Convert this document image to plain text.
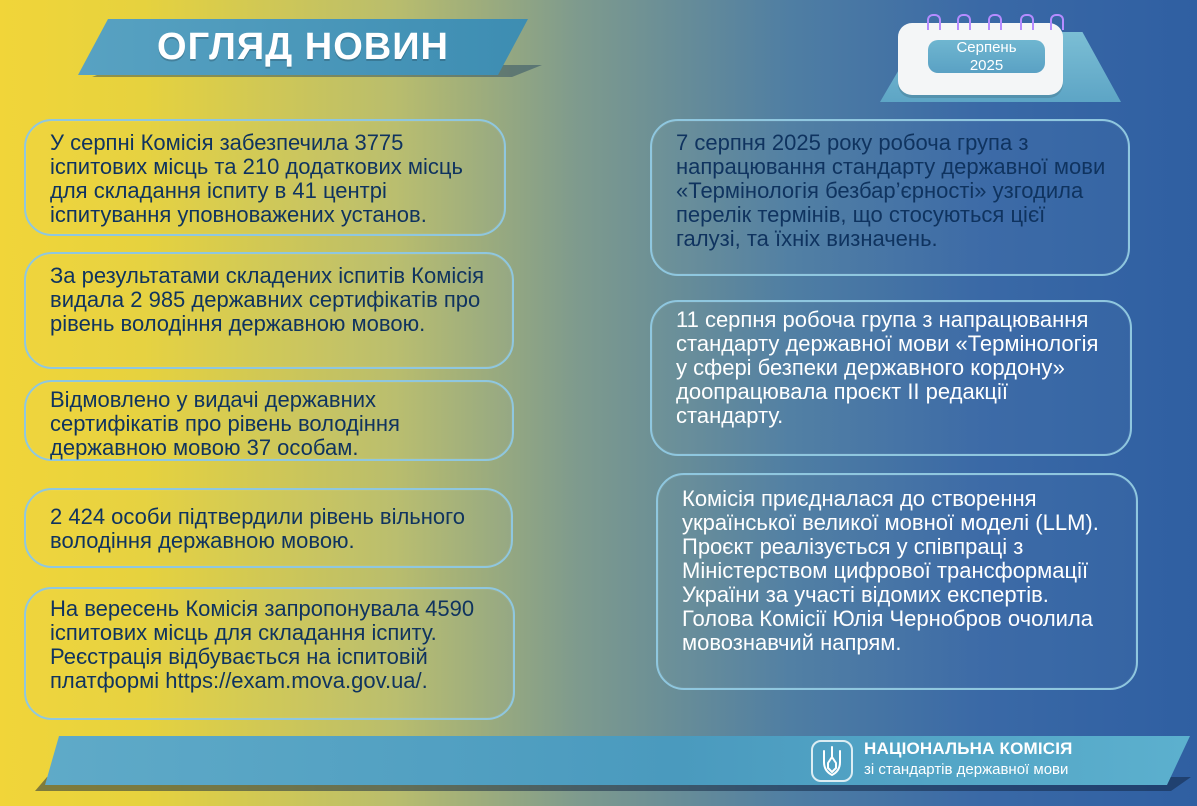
ОГЛЯД НОВИН	Серпень
2025

У серпні Комісія забезпечила 3775 іспитових місць та 210 додаткових місць для складання іспиту в 41 центрі іспитування уповноважених установ.

За результатами складених іспитів Комісія видала 2 985 державних сертифікатів про рівень володіння державною мовою.

Відмовлено у видачі державних сертифікатів про рівень володіння державною мовою 37 особам.

2 424 особи підтвердили рівень вільного володіння державною мовою.

На вересень Комісія запропонувала 4590 іспитових місць для складання іспиту. Реєстрація відбувається на іспитовій платформі https://exam.mova.gov.ua/.

7 серпня 2025 року робоча група з напрацювання стандарту державної мови «Термінологія безбар’єрності» узгодила перелік термінів, що стосуються цієї галузі, та їхніх визначень.

11 серпня робоча група з напрацювання стандарту державної мови «Термінологія у сфері безпеки державного кордону» доопрацювала проєкт II редакції стандарту.

Комісія приєдналася до створення української великої мовної моделі (LLM). Проєкт реалізується у співпраці з Міністерством цифрової трансформації України за участі відомих експертів. Голова Комісії Юлія Чернобров очолила мовознавчий напрям.

НАЦІОНАЛЬНА КОМІСІЯ
зі стандартів державної мови
